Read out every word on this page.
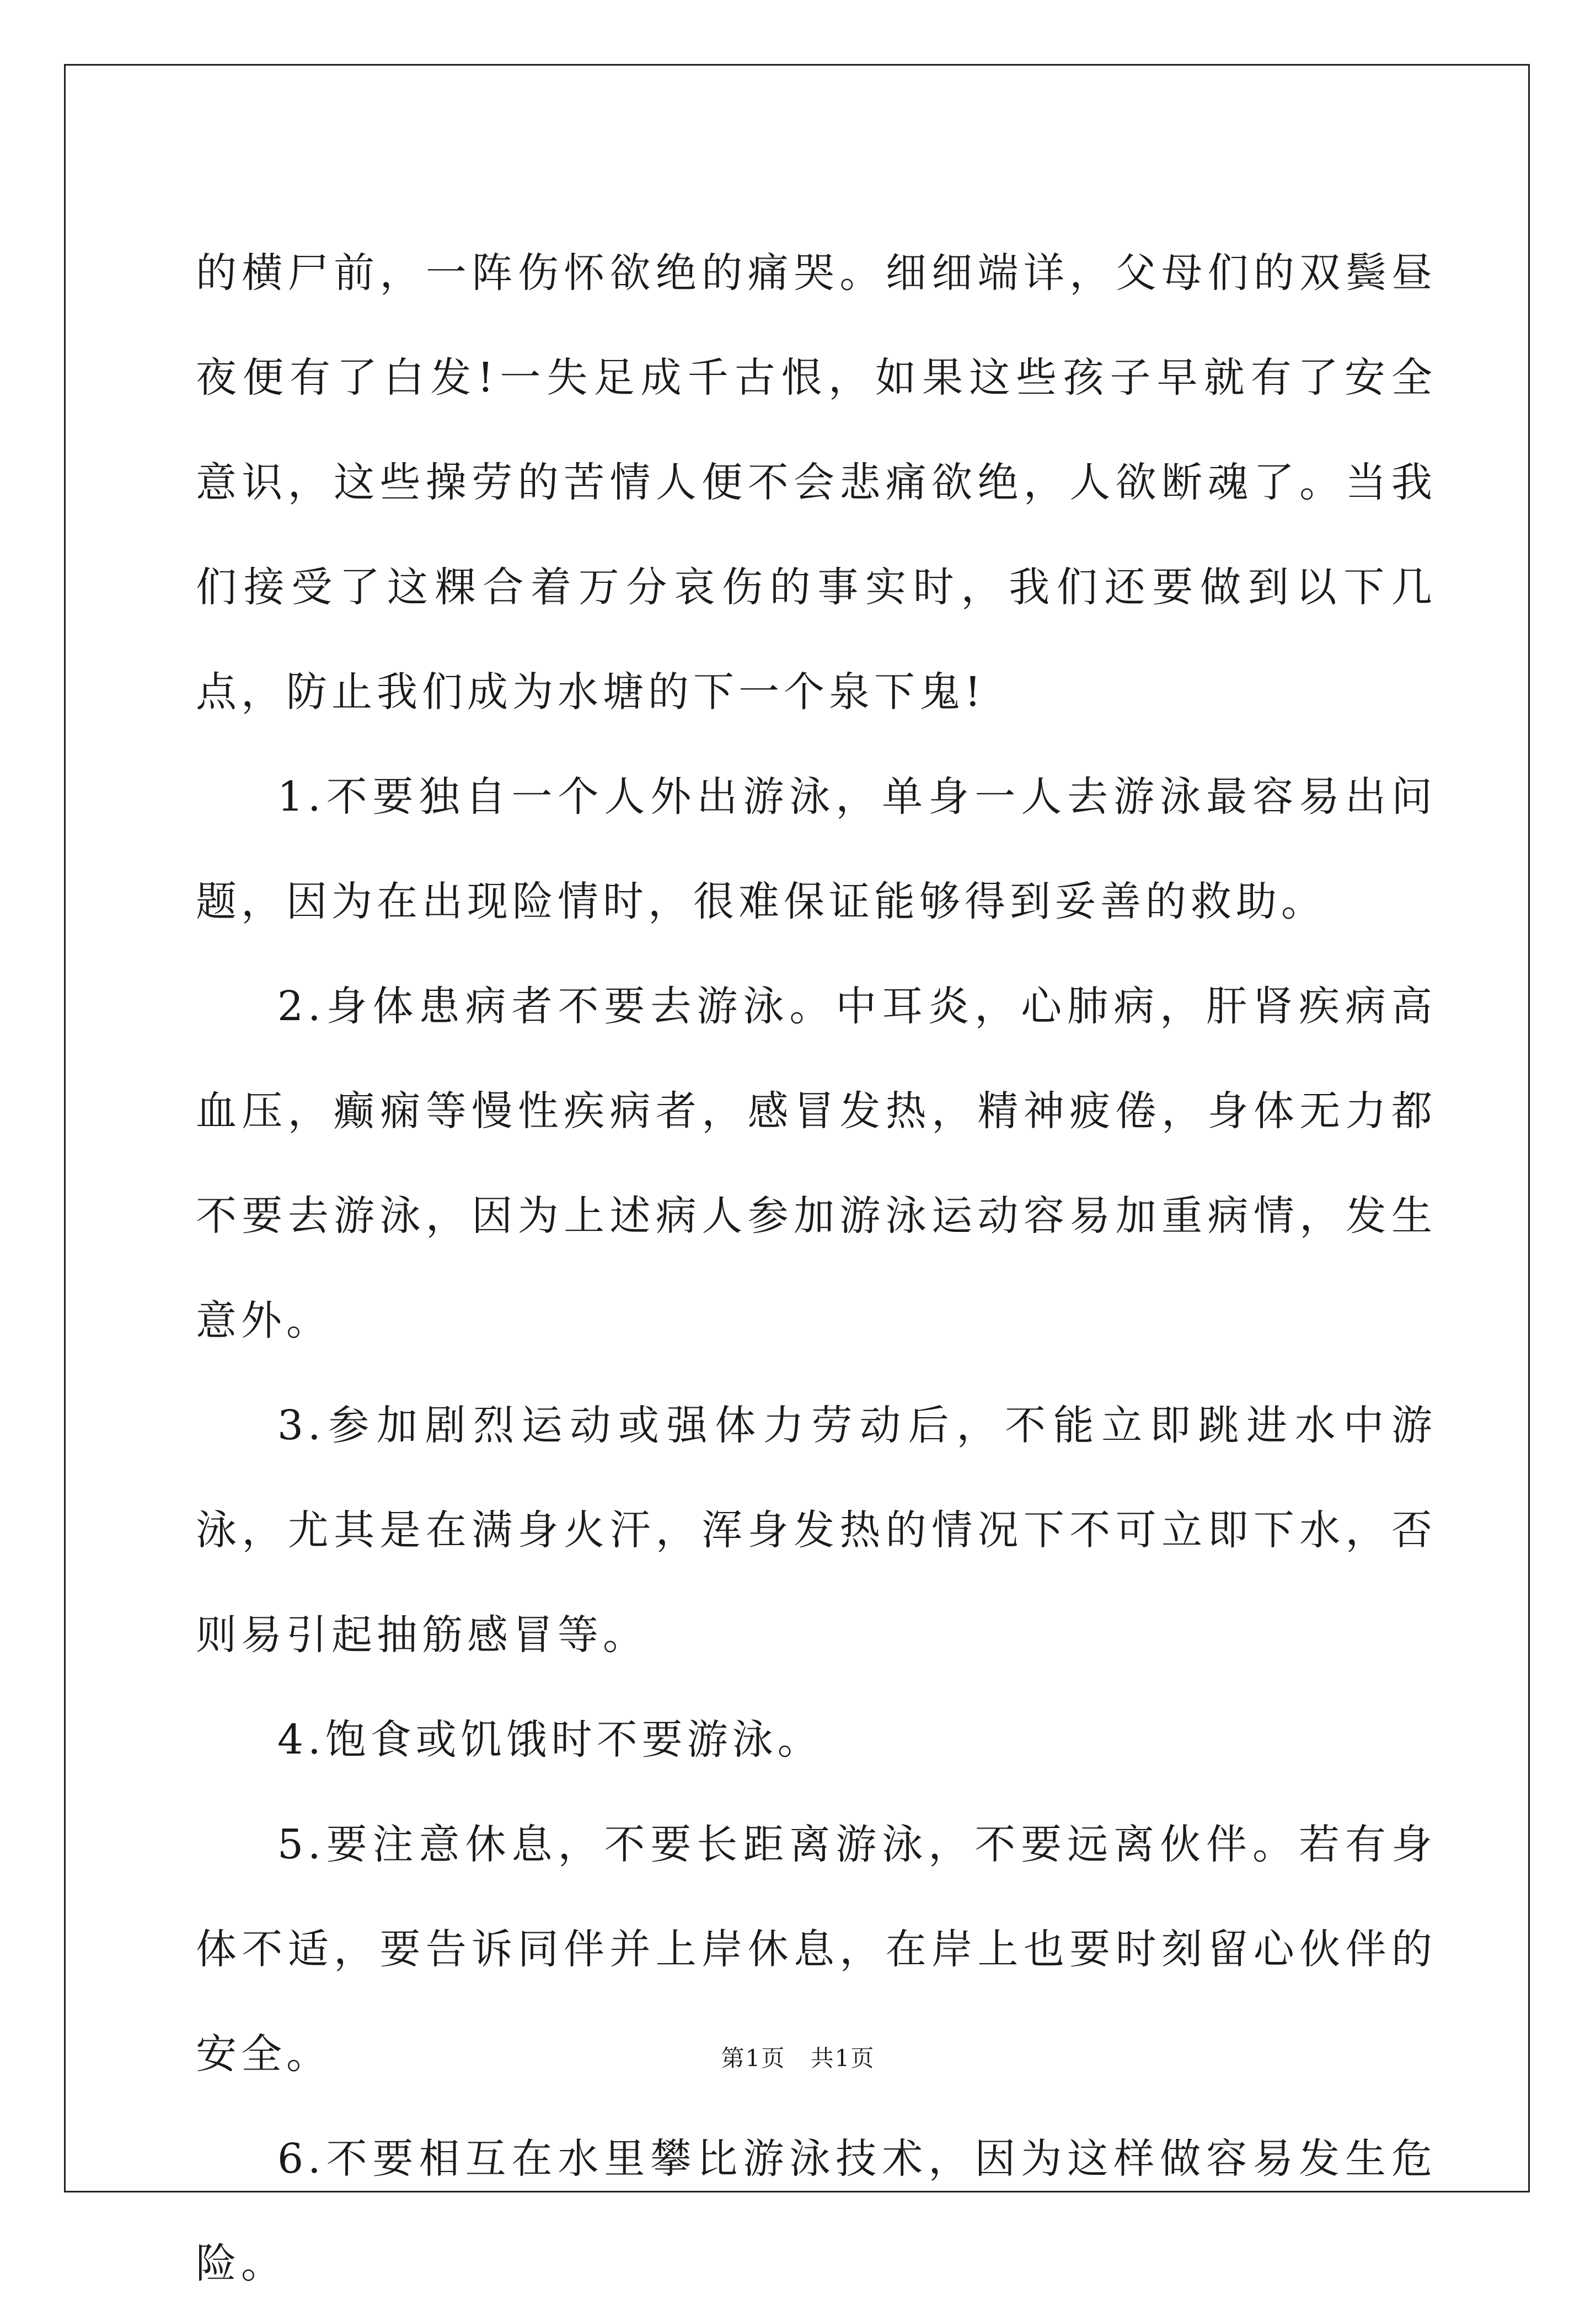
的横尸前，一阵伤怀欲绝的痛哭。细细端详，父母们的双鬓昼夜便有了白发!一失足成千古恨，如果这些孩子早就有了安全意识，这些操劳的苦情人便不会悲痛欲绝，人欲断魂了。当我们接受了这粿合着万分哀伤的事实时，我们还要做到以下几点，防止我们成为水塘的下一个泉下鬼!

1.不要独自一个人外出游泳，单身一人去游泳最容易出问题，因为在出现险情时，很难保证能够得到妥善的救助。

2.身体患病者不要去游泳。中耳炎，心肺病，肝肾疾病高血压，癫痫等慢性疾病者，感冒发热，精神疲倦，身体无力都不要去游泳，因为上述病人参加游泳运动容易加重病情，发生意外。

3.参加剧烈运动或强体力劳动后，不能立即跳进水中游泳，尤其是在满身火汗，浑身发热的情况下不可立即下水，否则易引起抽筋感冒等。

4.饱食或饥饿时不要游泳。

5.要注意休息，不要长距离游泳，不要远离伙伴。若有身体不适，要告诉同伴并上岸休息，在岸上也要时刻留心伙伴的安全。

6.不要相互在水里攀比游泳技术，因为这样做容易发生危险。

第1页 共1页
